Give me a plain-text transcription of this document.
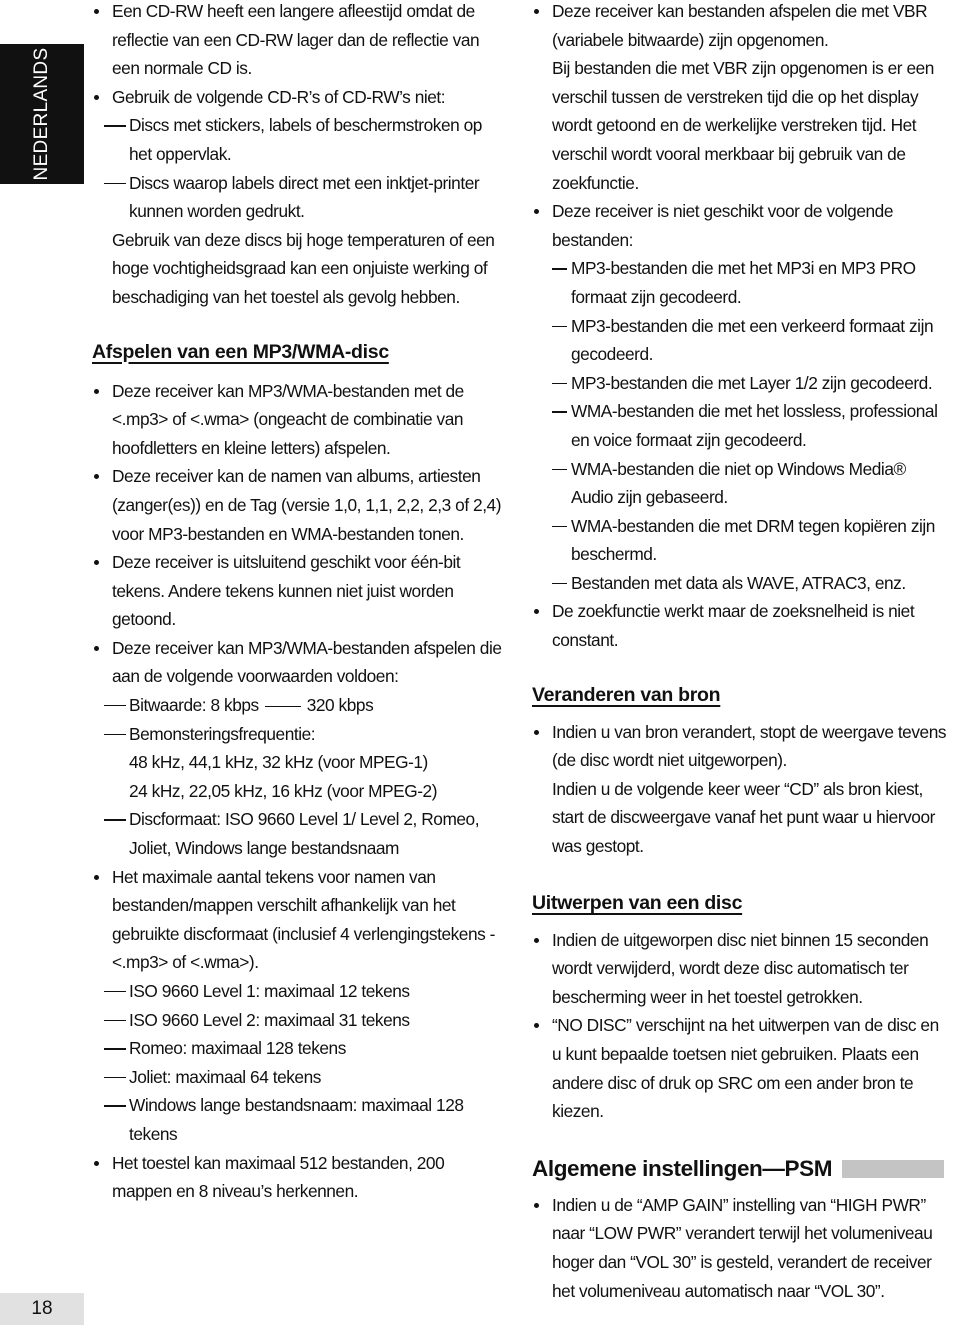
NEDERLANDS
18
Een CD-RW heeft een langere afleestijd omdat de reflectie van een CD-RW lager dan de reflectie van een normale CD is.
Gebruik de volgende CD-R’s of CD-RW’s niet:
Discs met stickers, labels of beschermstroken op het oppervlak.
Discs waarop labels direct met een inktjet-printer kunnen worden gedrukt.
Gebruik van deze discs bij hoge temperaturen of een hoge vochtigheidsgraad kan een onjuiste werking of beschadiging van het toestel als gevolg hebben.
Afspelen van een MP3/WMA-disc
Deze receiver kan MP3/WMA-bestanden met de <.mp3> of <.wma> (ongeacht de combinatie van hoofdletters en kleine letters) afspelen.
Deze receiver kan de namen van albums, artiesten (zanger(es)) en de Tag (versie 1,0, 1,1, 2,2, 2,3 of 2,4) voor MP3-bestanden en WMA-bestanden tonen.
Deze receiver is uitsluitend geschikt voor één-bit tekens. Andere tekens kunnen niet juist worden getoond.
Deze receiver kan MP3/WMA-bestanden afspelen die aan de volgende voorwaarden voldoen:
Bitwaarde: 8 kbps	320 kbps
Bemonsteringsfrequentie:
48 kHz, 44,1 kHz, 32 kHz (voor MPEG-1)
24 kHz, 22,05 kHz, 16 kHz (voor MPEG-2)
Discformaat: ISO 9660 Level 1/ Level 2, Romeo, Joliet, Windows lange bestandsnaam
Het maximale aantal tekens voor namen van bestanden/mappen verschilt afhankelijk van het gebruikte discformaat (inclusief 4 verlengingstekens - <.mp3> of <.wma>).
ISO 9660 Level 1: maximaal 12 tekens
ISO 9660 Level 2: maximaal 31 tekens
Romeo: maximaal 128 tekens
Joliet: maximaal 64 tekens
Windows lange bestandsnaam: maximaal 128 tekens
Het toestel kan maximaal 512 bestanden, 200 mappen en 8 niveau’s herkennen.
Deze receiver kan bestanden afspelen die met VBR (variabele bitwaarde) zijn opgenomen.
Bij bestanden die met VBR zijn opgenomen is er een verschil tussen de verstreken tijd die op het display wordt getoond en de werkelijke verstreken tijd. Het verschil wordt vooral merkbaar bij gebruik van de zoekfunctie.
Deze receiver is niet geschikt voor de volgende bestanden:
MP3-bestanden die met het MP3i en MP3 PRO formaat zijn gecodeerd.
MP3-bestanden die met een verkeerd formaat zijn gecodeerd.
MP3-bestanden die met Layer 1/2 zijn gecodeerd.
WMA-bestanden die met het lossless, professional en voice formaat zijn gecodeerd.
WMA-bestanden die niet op Windows Media® Audio zijn gebaseerd.
WMA-bestanden die met DRM tegen kopiëren zijn beschermd.
Bestanden met data als WAVE, ATRAC3, enz.
De zoekfunctie werkt maar de zoeksnelheid is niet constant.
Veranderen van bron
Indien u van bron verandert, stopt de weergave tevens (de disc wordt niet uitgeworpen).
Indien u de volgende keer weer “CD” als bron kiest, start de discweergave vanaf het punt waar u hiervoor was gestopt.
Uitwerpen van een disc
Indien de uitgeworpen disc niet binnen 15 seconden wordt verwijderd, wordt deze disc automatisch ter bescherming weer in het toestel getrokken.
“NO DISC” verschijnt na het uitwerpen van de disc en u kunt bepaalde toetsen niet gebruiken. Plaats een andere disc of druk op SRC om een ander bron te kiezen.
Algemene instellingen—PSM
Indien u de “AMP GAIN” instelling van “HIGH PWR” naar “LOW PWR” verandert terwijl het volumeniveau hoger dan “VOL 30” is gesteld, verandert de receiver het volumeniveau automatisch naar “VOL 30”.
